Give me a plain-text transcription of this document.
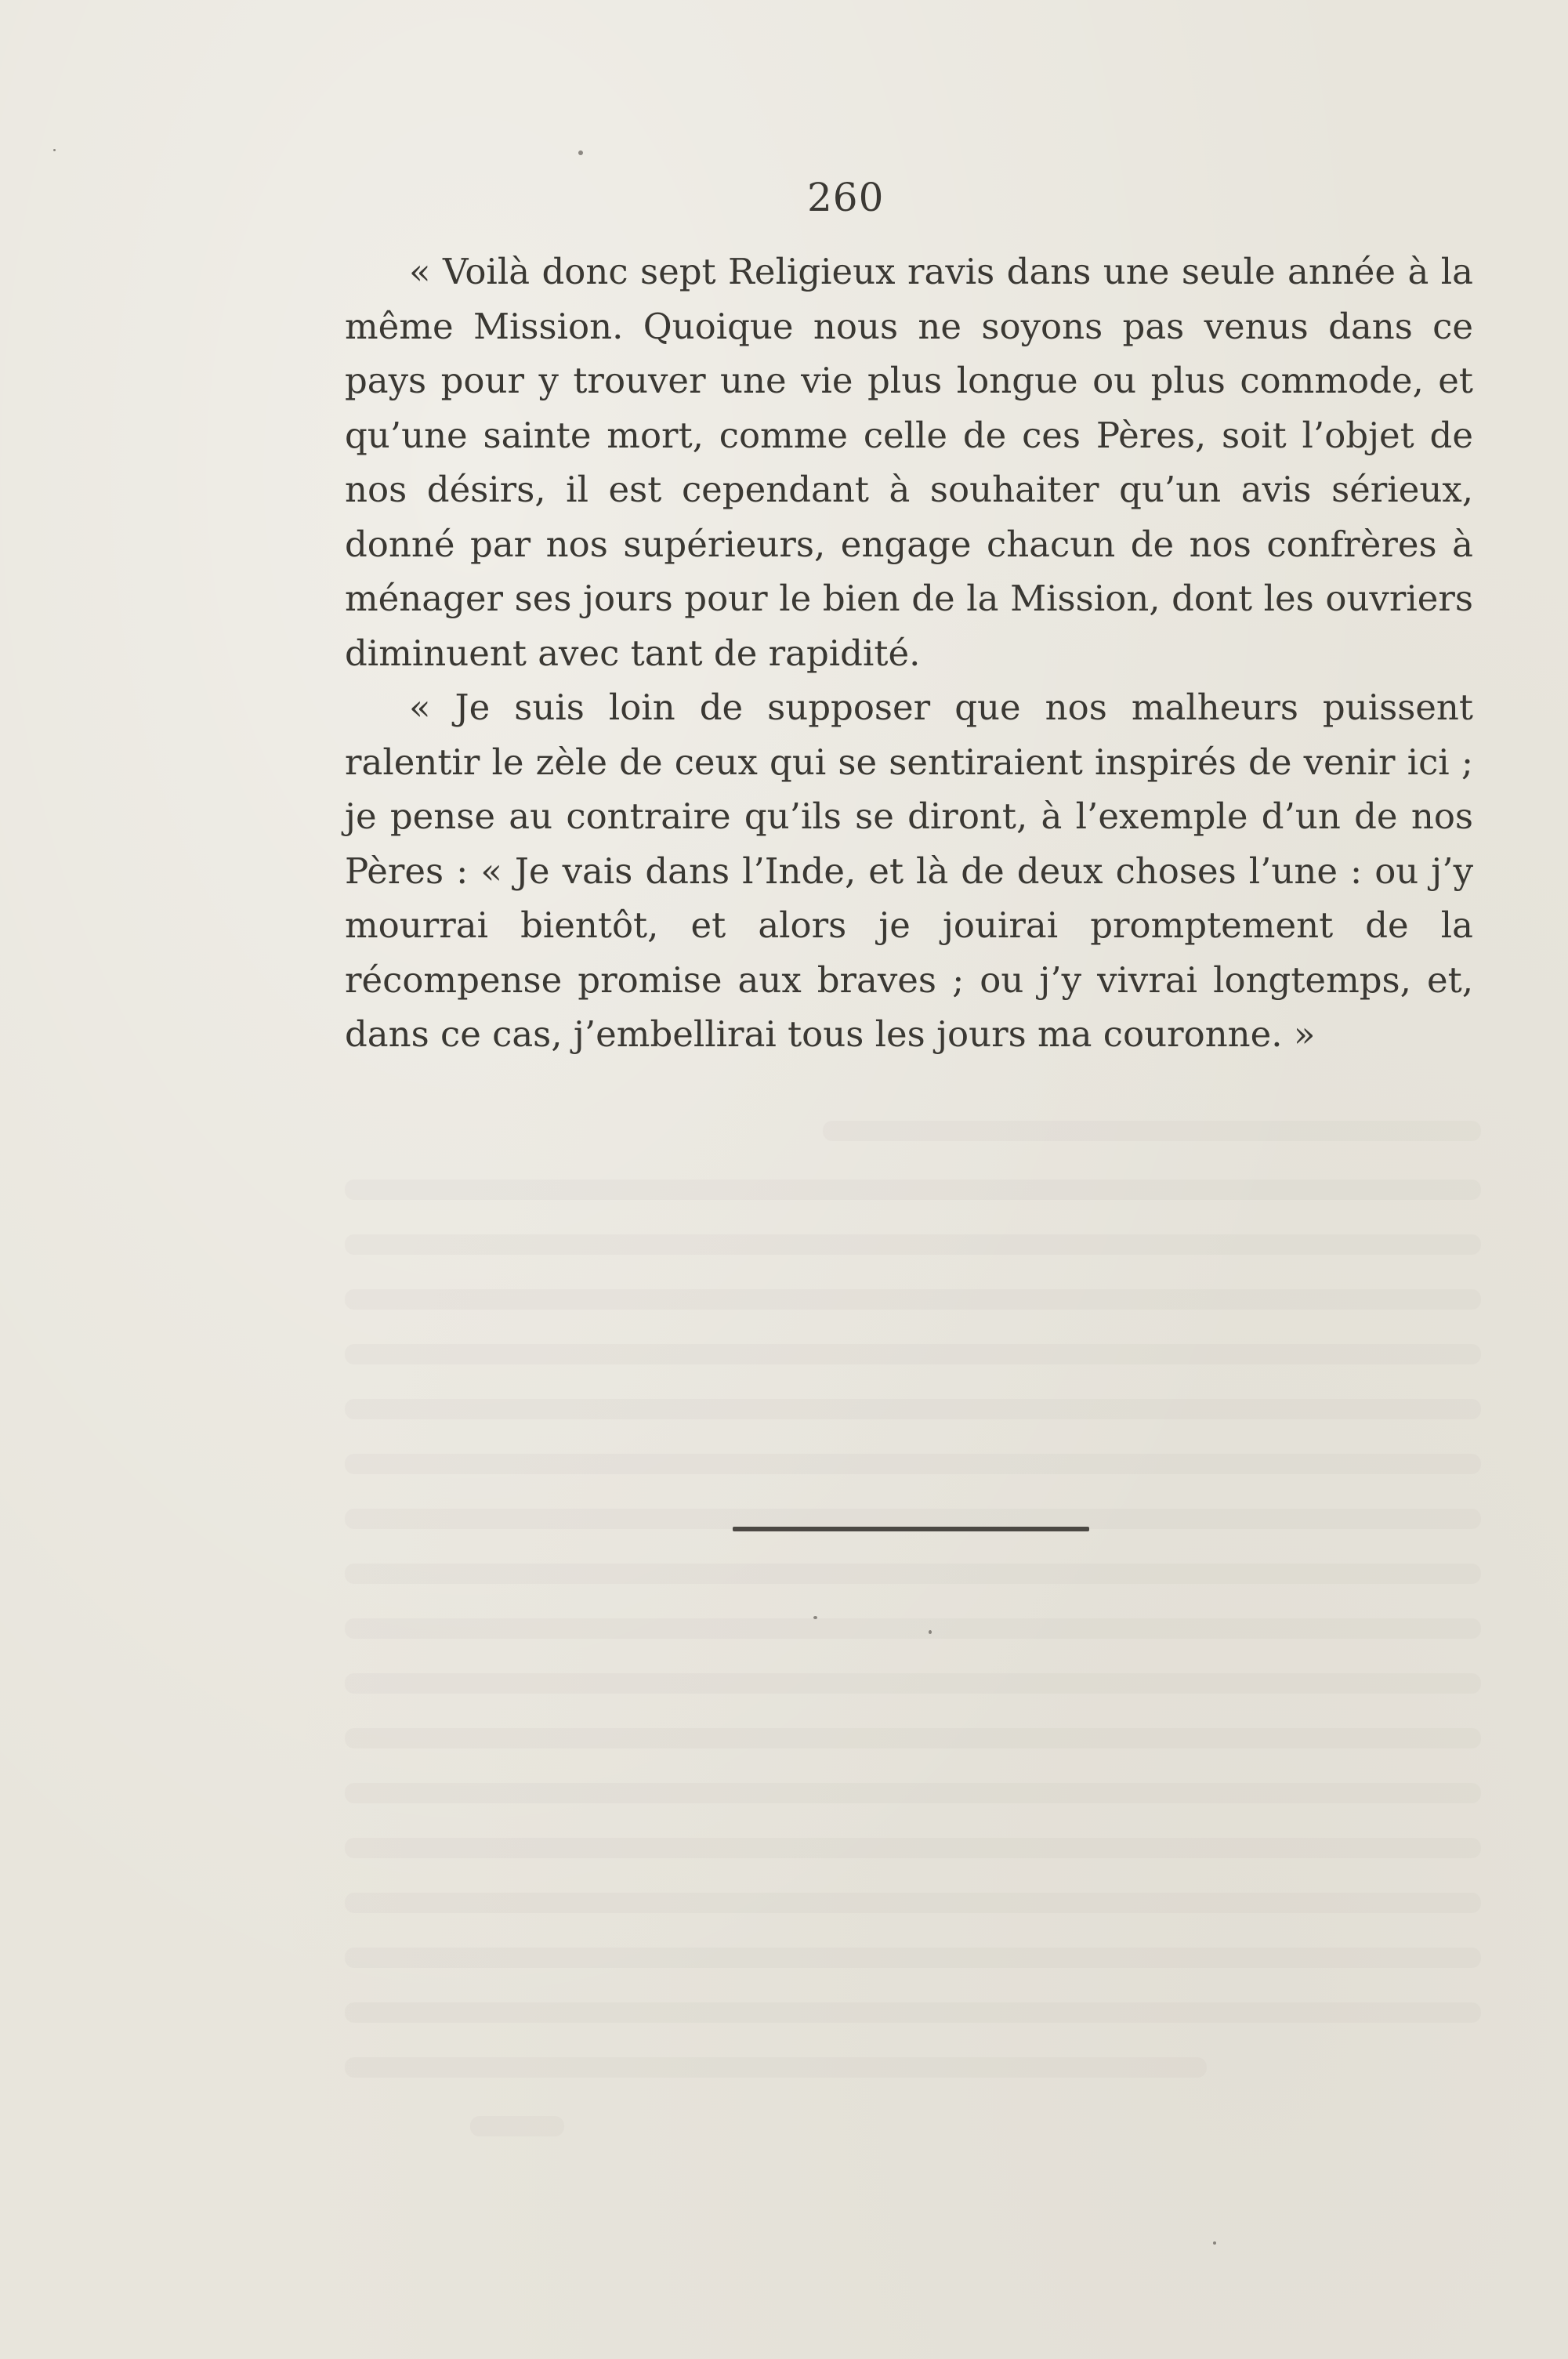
260

« Voilà donc sept Religieux ravis dans une seule année à la même Mission. Quoique nous ne soyons pas venus dans ce pays pour y trouver une vie plus longue ou plus commode, et qu’une sainte mort, comme celle de ces Pères, soit l’objet de nos désirs, il est cependant à souhaiter qu’un avis sérieux, donné par nos supérieurs, engage chacun de nos confrères à ménager ses jours pour le bien de la Mission, dont les ouvriers diminuent avec tant de rapidité.

« Je suis loin de supposer que nos malheurs puissent ralentir le zèle de ceux qui se sentiraient inspirés de venir ici ; je pense au contraire qu’ils se diront, à l’exemple d’un de nos Pères : « Je vais dans l’Inde, et là de deux choses l’une : ou j’y mourrai bientôt, et alors je jouirai promptement de la récompense promise aux braves ; ou j’y vivrai longtemps, et, dans ce cas, j’embellirai tous les jours ma couronne. »
